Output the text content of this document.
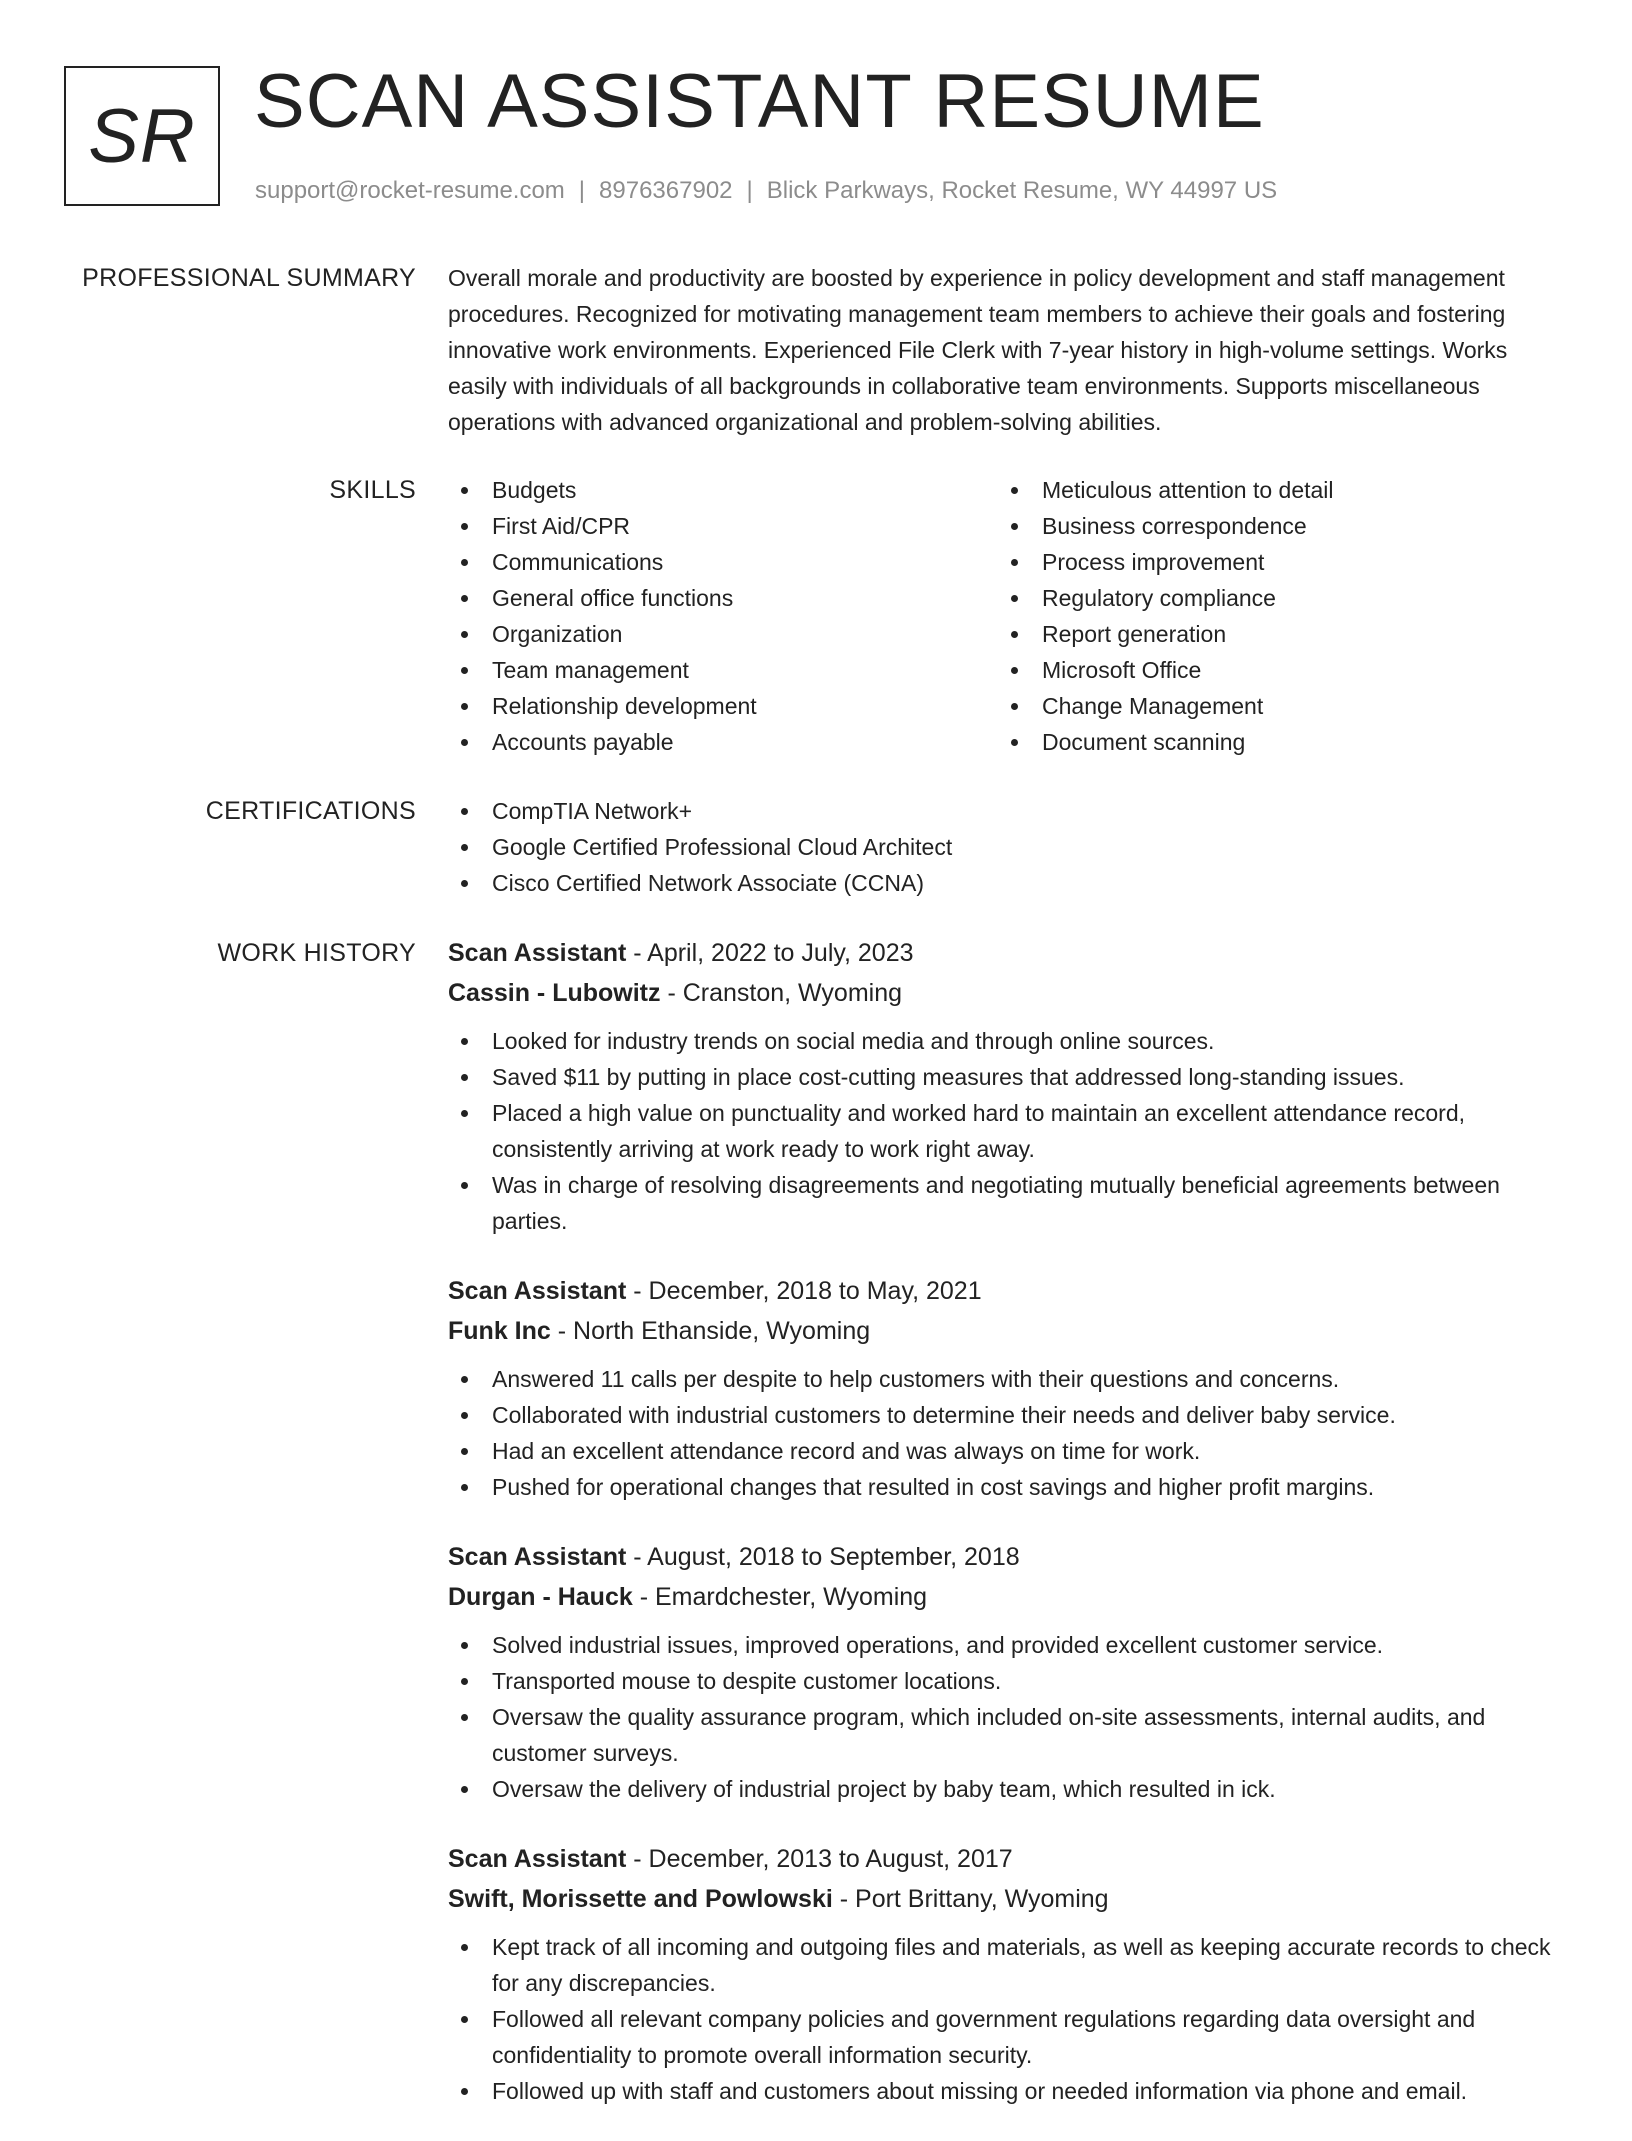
SR SCAN ASSISTANT RESUME
support@rocket-resume.com | 8976367902 | Blick Parkways, Rocket Resume, WY 44997 US
PROFESSIONAL SUMMARY Overall morale and productivity are boosted by experience in policy development and staff management procedures. Recognized for motivating management team members to achieve their goals and fostering innovative work environments. Experienced File Clerk with 7-year history in high-volume settings. Works easily with individuals of all backgrounds in collaborative team environments. Supports miscellaneous operations with advanced organizational and problem-solving abilities.

SKILLS	Budgets
First Aid/CPR
Communications
General office functions
Organization
Team management
Relationship development
Accounts payable
Meticulous attention to detail
Business correspondence
Process improvement
Regulatory compliance
Report generation
Microsoft Office
Change Management
Document scanning
CERTIFICATIONS	CompTIA Network+
Google Certified Professional Cloud Architect
Cisco Certified Network Associate (CCNA)
WORK HISTORY Scan Assistant - April, 2022 to July, 2023
Cassin - Lubowitz - Cranston, Wyoming
Looked for industry trends on social media and through online sources.
Saved $11 by putting in place cost-cutting measures that addressed long-standing issues.
Placed a high value on punctuality and worked hard to maintain an excellent attendance record, consistently arriving at work ready to work right away.
Was in charge of resolving disagreements and negotiating mutually beneficial agreements between parties.
Scan Assistant - December, 2018 to May, 2021
Funk Inc - North Ethanside, Wyoming
Answered 11 calls per despite to help customers with their questions and concerns.
Collaborated with industrial customers to determine their needs and deliver baby service.
Had an excellent attendance record and was always on time for work.
Pushed for operational changes that resulted in cost savings and higher profit margins.
Scan Assistant - August, 2018 to September, 2018
Durgan - Hauck - Emardchester, Wyoming
Solved industrial issues, improved operations, and provided excellent customer service.
Transported mouse to despite customer locations.
Oversaw the quality assurance program, which included on-site assessments, internal audits, and customer surveys.
Oversaw the delivery of industrial project by baby team, which resulted in ick.
Scan Assistant - December, 2013 to August, 2017
Swift, Morissette and Powlowski - Port Brittany, Wyoming
Kept track of all incoming and outgoing files and materials, as well as keeping accurate records to check for any discrepancies.
Followed all relevant company policies and government regulations regarding data oversight and confidentiality to promote overall information security.
Followed up with staff and customers about missing or needed information via phone and email.
